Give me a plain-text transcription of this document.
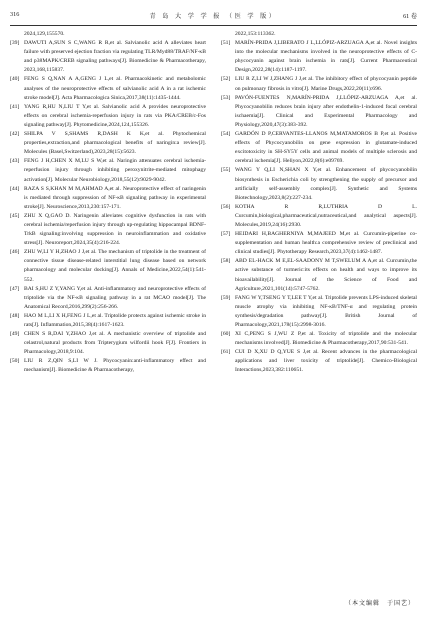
316	青 岛 大 学 学 报 （医 学 版）	61 卷
2024,129,155570.
[39] DAWUTI A,SUN S C,WANG R R,et al. Salvianolic acid A alleviates heart failure with preserved ejection fraction via regulating TLR/Myd88/TRAF/NF-κB and p38MAPK/CREB signaling pathways[J]. Biomedicine & Pharmacotherapy, 2023,168,115837.
[40] FENG S Q,NAN A A,GENG J L,et al. Pharmacokinetic and metabolomic analyses of the neuroprotective effects of salvianolic acid A in a rat ischemic stroke model[J]. Acta Pharmacologica Sinica,2017,38(11):1435-1444.
[41] YANG R,HU N,LIU T Y,et al. Salvianolic acid A provides neuroprotective effects on cerebral ischemia-reperfusion injury in rats via PKA/CREB/c-Fos signaling pathway[J]. Phytomedicine,2024,124,155326.
[42] SHILPA V S,SHAMS R,DASH K K,et al. Phytochemical properties,extraction,and pharmacological benefits of naringin:a review[J]. Molecules (Basel,Switzerland),2023,28(15):5623.
[43] FENG J H,CHEN X M,LU S W,et al. Naringin attenuates cerebral ischemia-reperfusion injury through inhibiting peroxynitrite-mediated mitophagy activation[J]. Molecular Neurobiology,2018,55(12):9029-9042.
[44] RAZA S S,KHAN M M,AHMAD A,et al. Neuroprotective effect of naringenin is mediated through suppression of NF-κB signaling pathway in experimental stroke[J]. Neuroscience,2013,230:157-171.
[45] ZHU X Q,GAO D. Naringenin alleviates cognitive dysfunction in rats with cerebral ischemia/reperfusion injury through up-regulating hippocampal BDNF-TrkB signaling:involving suppression in neuroinflammation and oxidative stress[J]. Neuroreport,2024,35(4):216-224.
[46] ZHU W,LI Y H,ZHAO J J,et al. The mechanism of triptolide in the treatment of connective tissue disease-related interstitial lung disease based on network pharmacology and molecular docking[J]. Annals of Medicine,2022,54(1):541-552.
[47] BAI S,HU Z Y,YANG Y,et al. Anti-inflammatory and neuroprotective effects of triptolide via the NF-κB signaling pathway in a rat MCAO model[J]. The Anatomical Record,2016,299(2):256-266.
[48] HAO M L,LI X H,FENG J L,et al. Triptolide protects against ischemic stroke in rats[J]. Inflammation,2015,38(4):1617-1623.
[49] CHEN S R,DAI Y,ZHAO J,et al. A mechanistic overview of triptolide and celastrol,natural products from Tripterygium wilfordii hook F[J]. Frontiers in Pharmacology,2018,9:104.
[50] LIU R Z,QIN S,LI W J. Phycocyanin:anti-inflammatory effect and mechanism[J]. Biomedicine & Pharmacotherapy,
2022,153:113362.
[51] MARÍN-PRIDA J,LIBERATO J L,LLÓPIZ-ARZUAGA A,et al. Novel insights into the molecular mechanisms involved in the neuroprotective effects of C-phycocyanin against brain ischemia in rats[J]. Current Pharmaceutical Design,2022,28(14):1187-1197.
[52] LIU R Z,LI W J,ZHANG J J,et al. The inhibitory effect of phycocyanin peptide on pulmonary fibrosis in vitro[J]. Marine Drugs,2022,20(11):696.
[53] PAVÓN-FUENTES N,MARÍN-PRIDA J,LLÓPIZ-ARZUAGA A,et al. Phycocyanobilin reduces brain injury after endothelin-1-induced focal cerebral ischaemia[J]. Clinical and Experimental Pharmacology and Physiology,2020,47(3):383-392.
[54] GARDÓN D P,CERVANTES-LLANOS M,MATAMOROS B P,et al. Positive effects of Phycocyanobilin on gene expression in glutamate-induced excitotoxicity in SH-SY5Y cells and animal models of multiple sclerosis and cerebral ischemia[J]. Heliyon,2022,8(6):e09769.
[55] WANG Y Q,LI N,SHAN X Y,et al. Enhancement of phycocyanobilin biosynthesis in Escherichia coli by strengthening the supply of precursor and artificially self-assembly complex[J]. Synthetic and Systems Biotechnology,2023,8(2):227-234.
[56] KOTHA R R,LUTHRIA D L. Curcumin,biological,pharmaceutical,nutraceutical,and analytical aspects[J]. Molecules,2019,24(16):2930.
[57] HEIDARI H,BAGHERNIYA M,MAJEED M,et al. Curcumin-piperine co-supplementation and human health:a comprehensive review of preclinical and clinical studies[J]. Phytotherapy Research,2023,37(4):1462-1487.
[58] ABD EL-HACK M E,EL-SAADONY M T,SWELUM A A,et al. Curcumin,the active substance of turmeric:its effects on health and ways to improve its bioavailability[J]. Journal of the Science of Food and Agriculture,2021,101(14):5747-5762.
[59] FANG W Y,TSENG Y T,LEE T Y,et al. Triptolide prevents LPS-induced skeletal muscle atrophy via inhibiting NF-κB/TNF-α and regulating protein synthesis/degradation pathway[J]. British Journal of Pharmacology,2021,178(15):2998-3016.
[60] XI C,PENG S J,WU Z P,et al. Toxicity of triptolide and the molecular mechanisms involved[J]. Biomedicine & Pharmacotherapy,2017,90:531-541.
[61] CUI D X,XU D Q,YUE S J,et al. Recent advances in the pharmacological applications and liver toxicity of triptolide[J]. Chemico-Biological Interactions,2023,382:110651.
（本文编辑　于国艺）
